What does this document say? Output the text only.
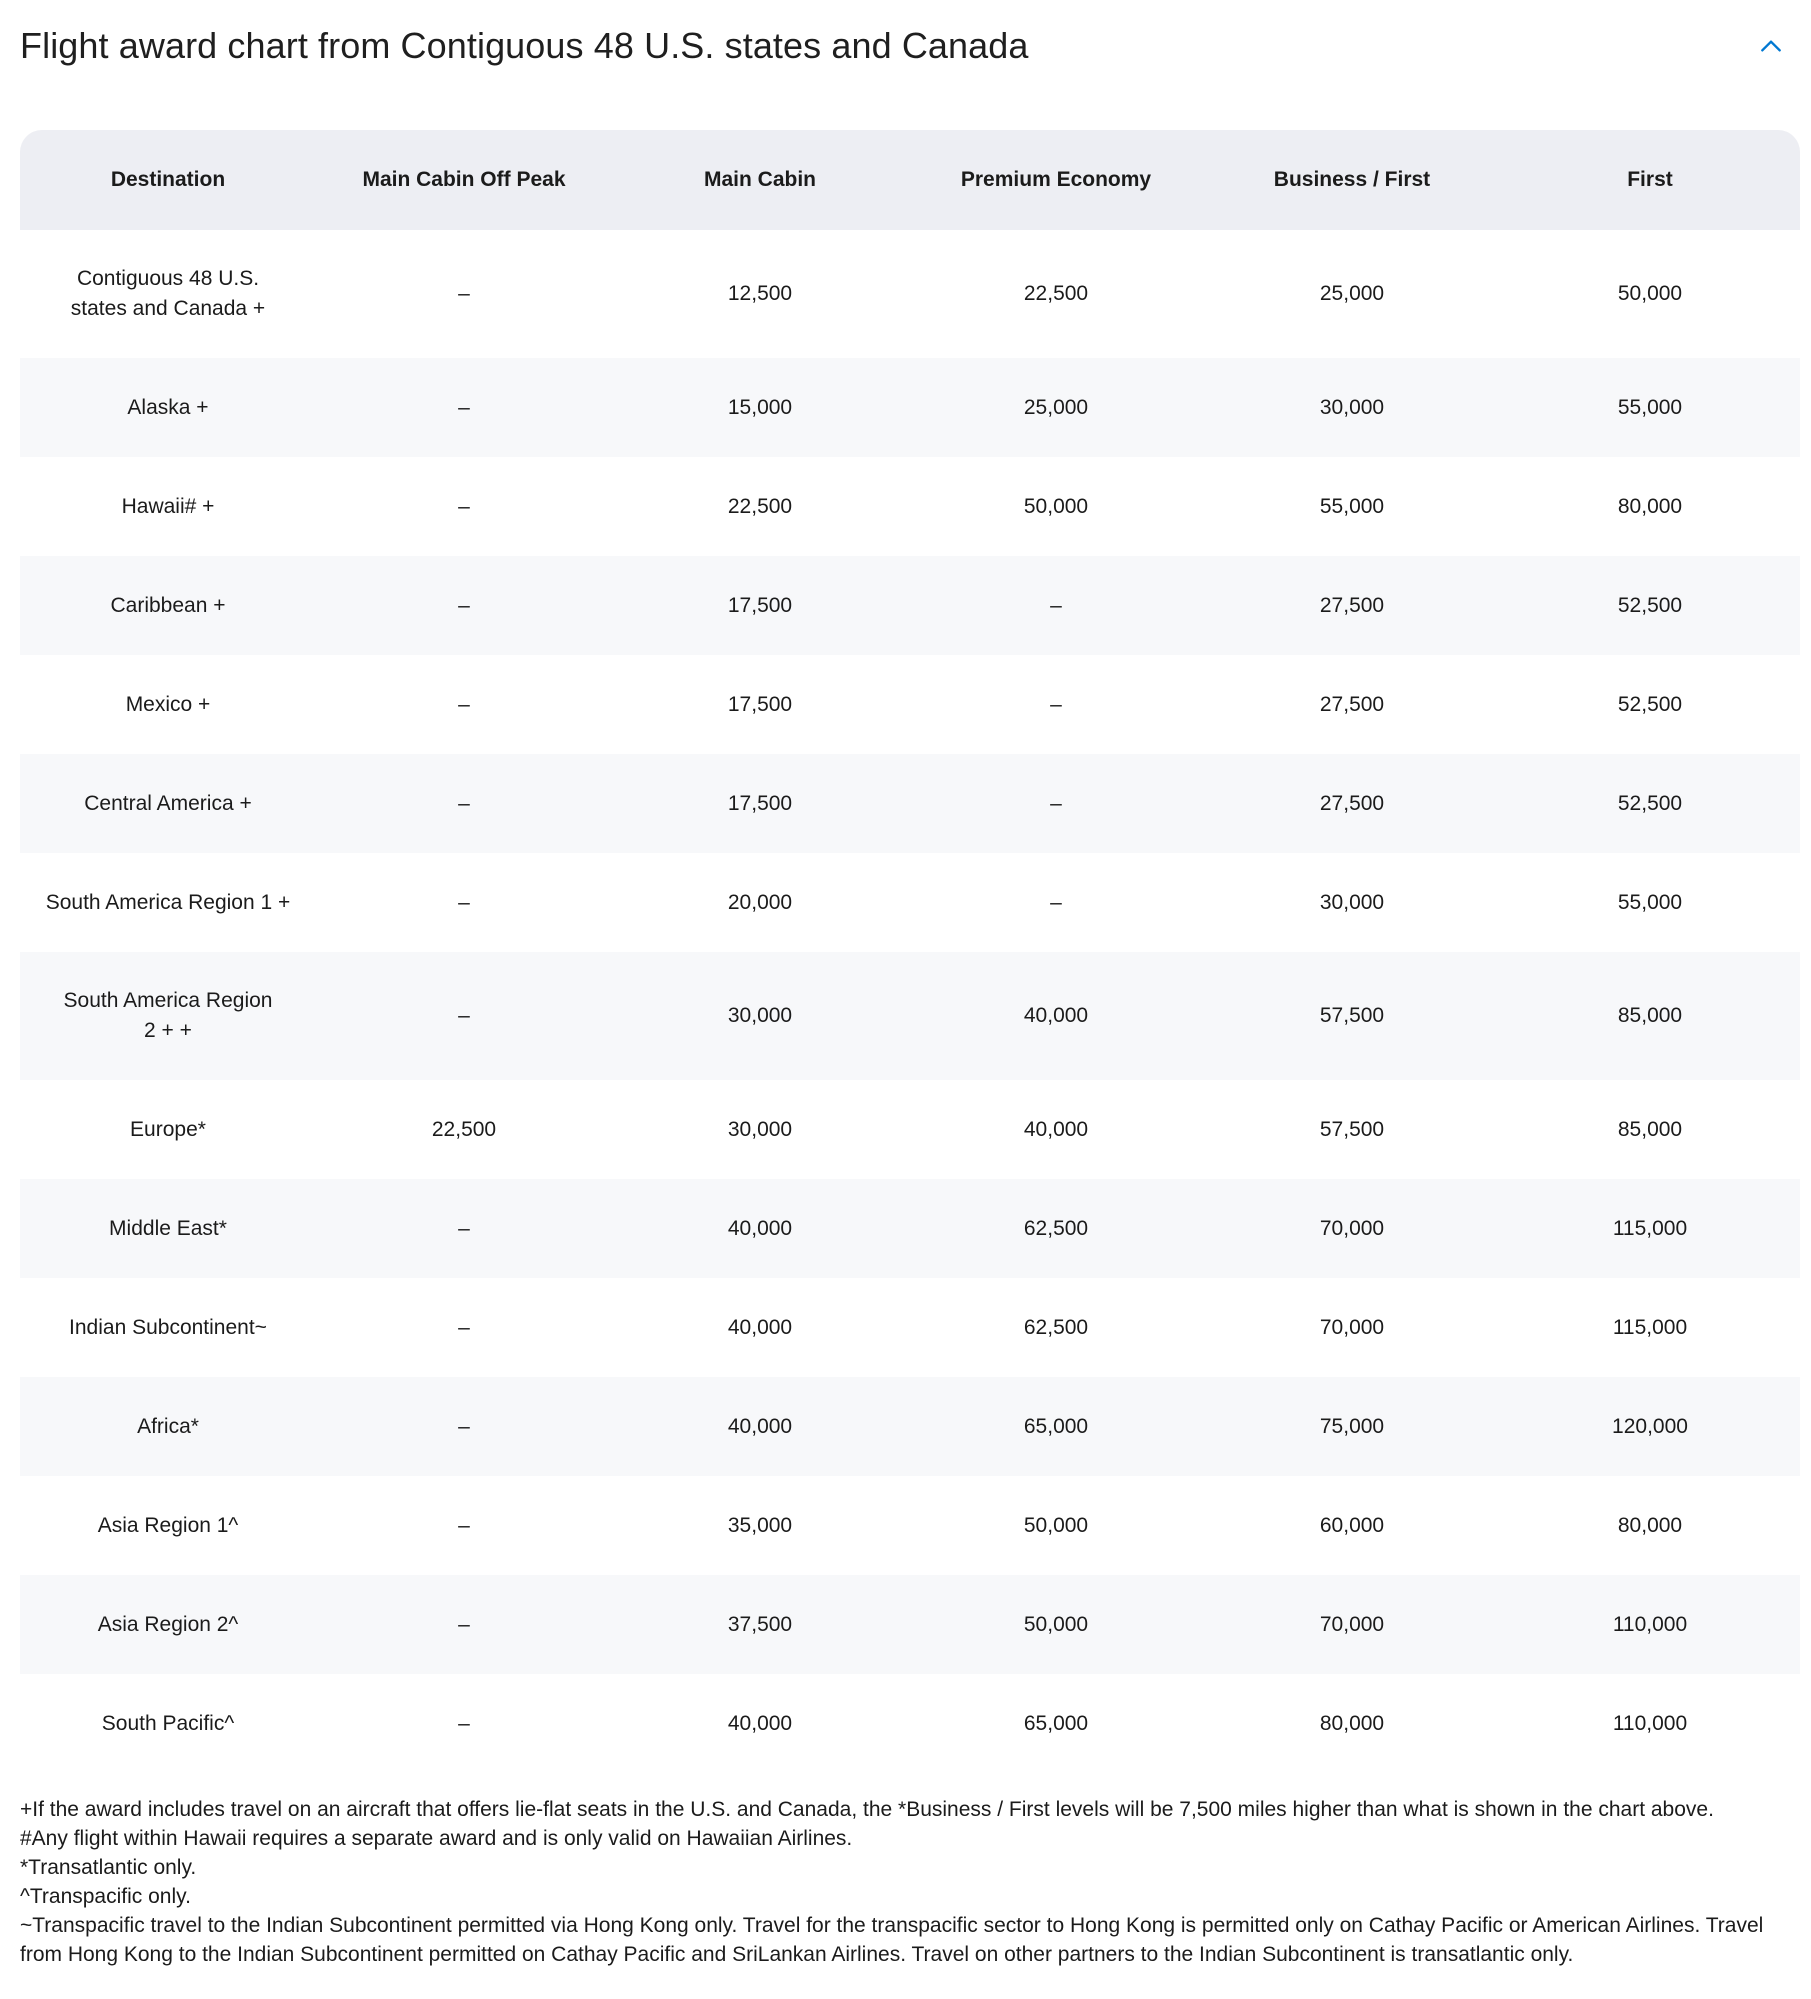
Flight award chart from Contiguous 48 U.S. states and Canada
Destination	Main Cabin Off Peak	Main Cabin	Premium Economy	Business / First	First
Contiguous 48 U.S. states and Canada +	–	12,500	22,500	25,000	50,000
Alaska +	–	15,000	25,000	30,000	55,000
Hawaii# +	–	22,500	50,000	55,000	80,000
Caribbean +	–	17,500	–	27,500	52,500
Mexico +	–	17,500	–	27,500	52,500
Central America +	–	17,500	–	27,500	52,500
South America Region 1 +	–	20,000	–	30,000	55,000
South America Region 2 + +	–	30,000	40,000	57,500	85,000
Europe*	22,500	30,000	40,000	57,500	85,000
Middle East*	–	40,000	62,500	70,000	115,000
Indian Subcontinent~	–	40,000	62,500	70,000	115,000
Africa*	–	40,000	65,000	75,000	120,000
Asia Region 1^	–	35,000	50,000	60,000	80,000
Asia Region 2^	–	37,500	50,000	70,000	110,000
South Pacific^	–	40,000	65,000	80,000	110,000

+If the award includes travel on an aircraft that offers lie-flat seats in the U.S. and Canada, the *Business / First levels will be 7,500 miles higher than what is shown in the chart above.

#Any flight within Hawaii requires a separate award and is only valid on Hawaiian Airlines.

*Transatlantic only.

^Transpacific only.

~Transpacific travel to the Indian Subcontinent permitted via Hong Kong only. Travel for the transpacific sector to Hong Kong is permitted only on Cathay Pacific or American Airlines. Travel from Hong Kong to the Indian Subcontinent permitted on Cathay Pacific and SriLankan Airlines. Travel on other partners to the Indian Subcontinent is transatlantic only.
